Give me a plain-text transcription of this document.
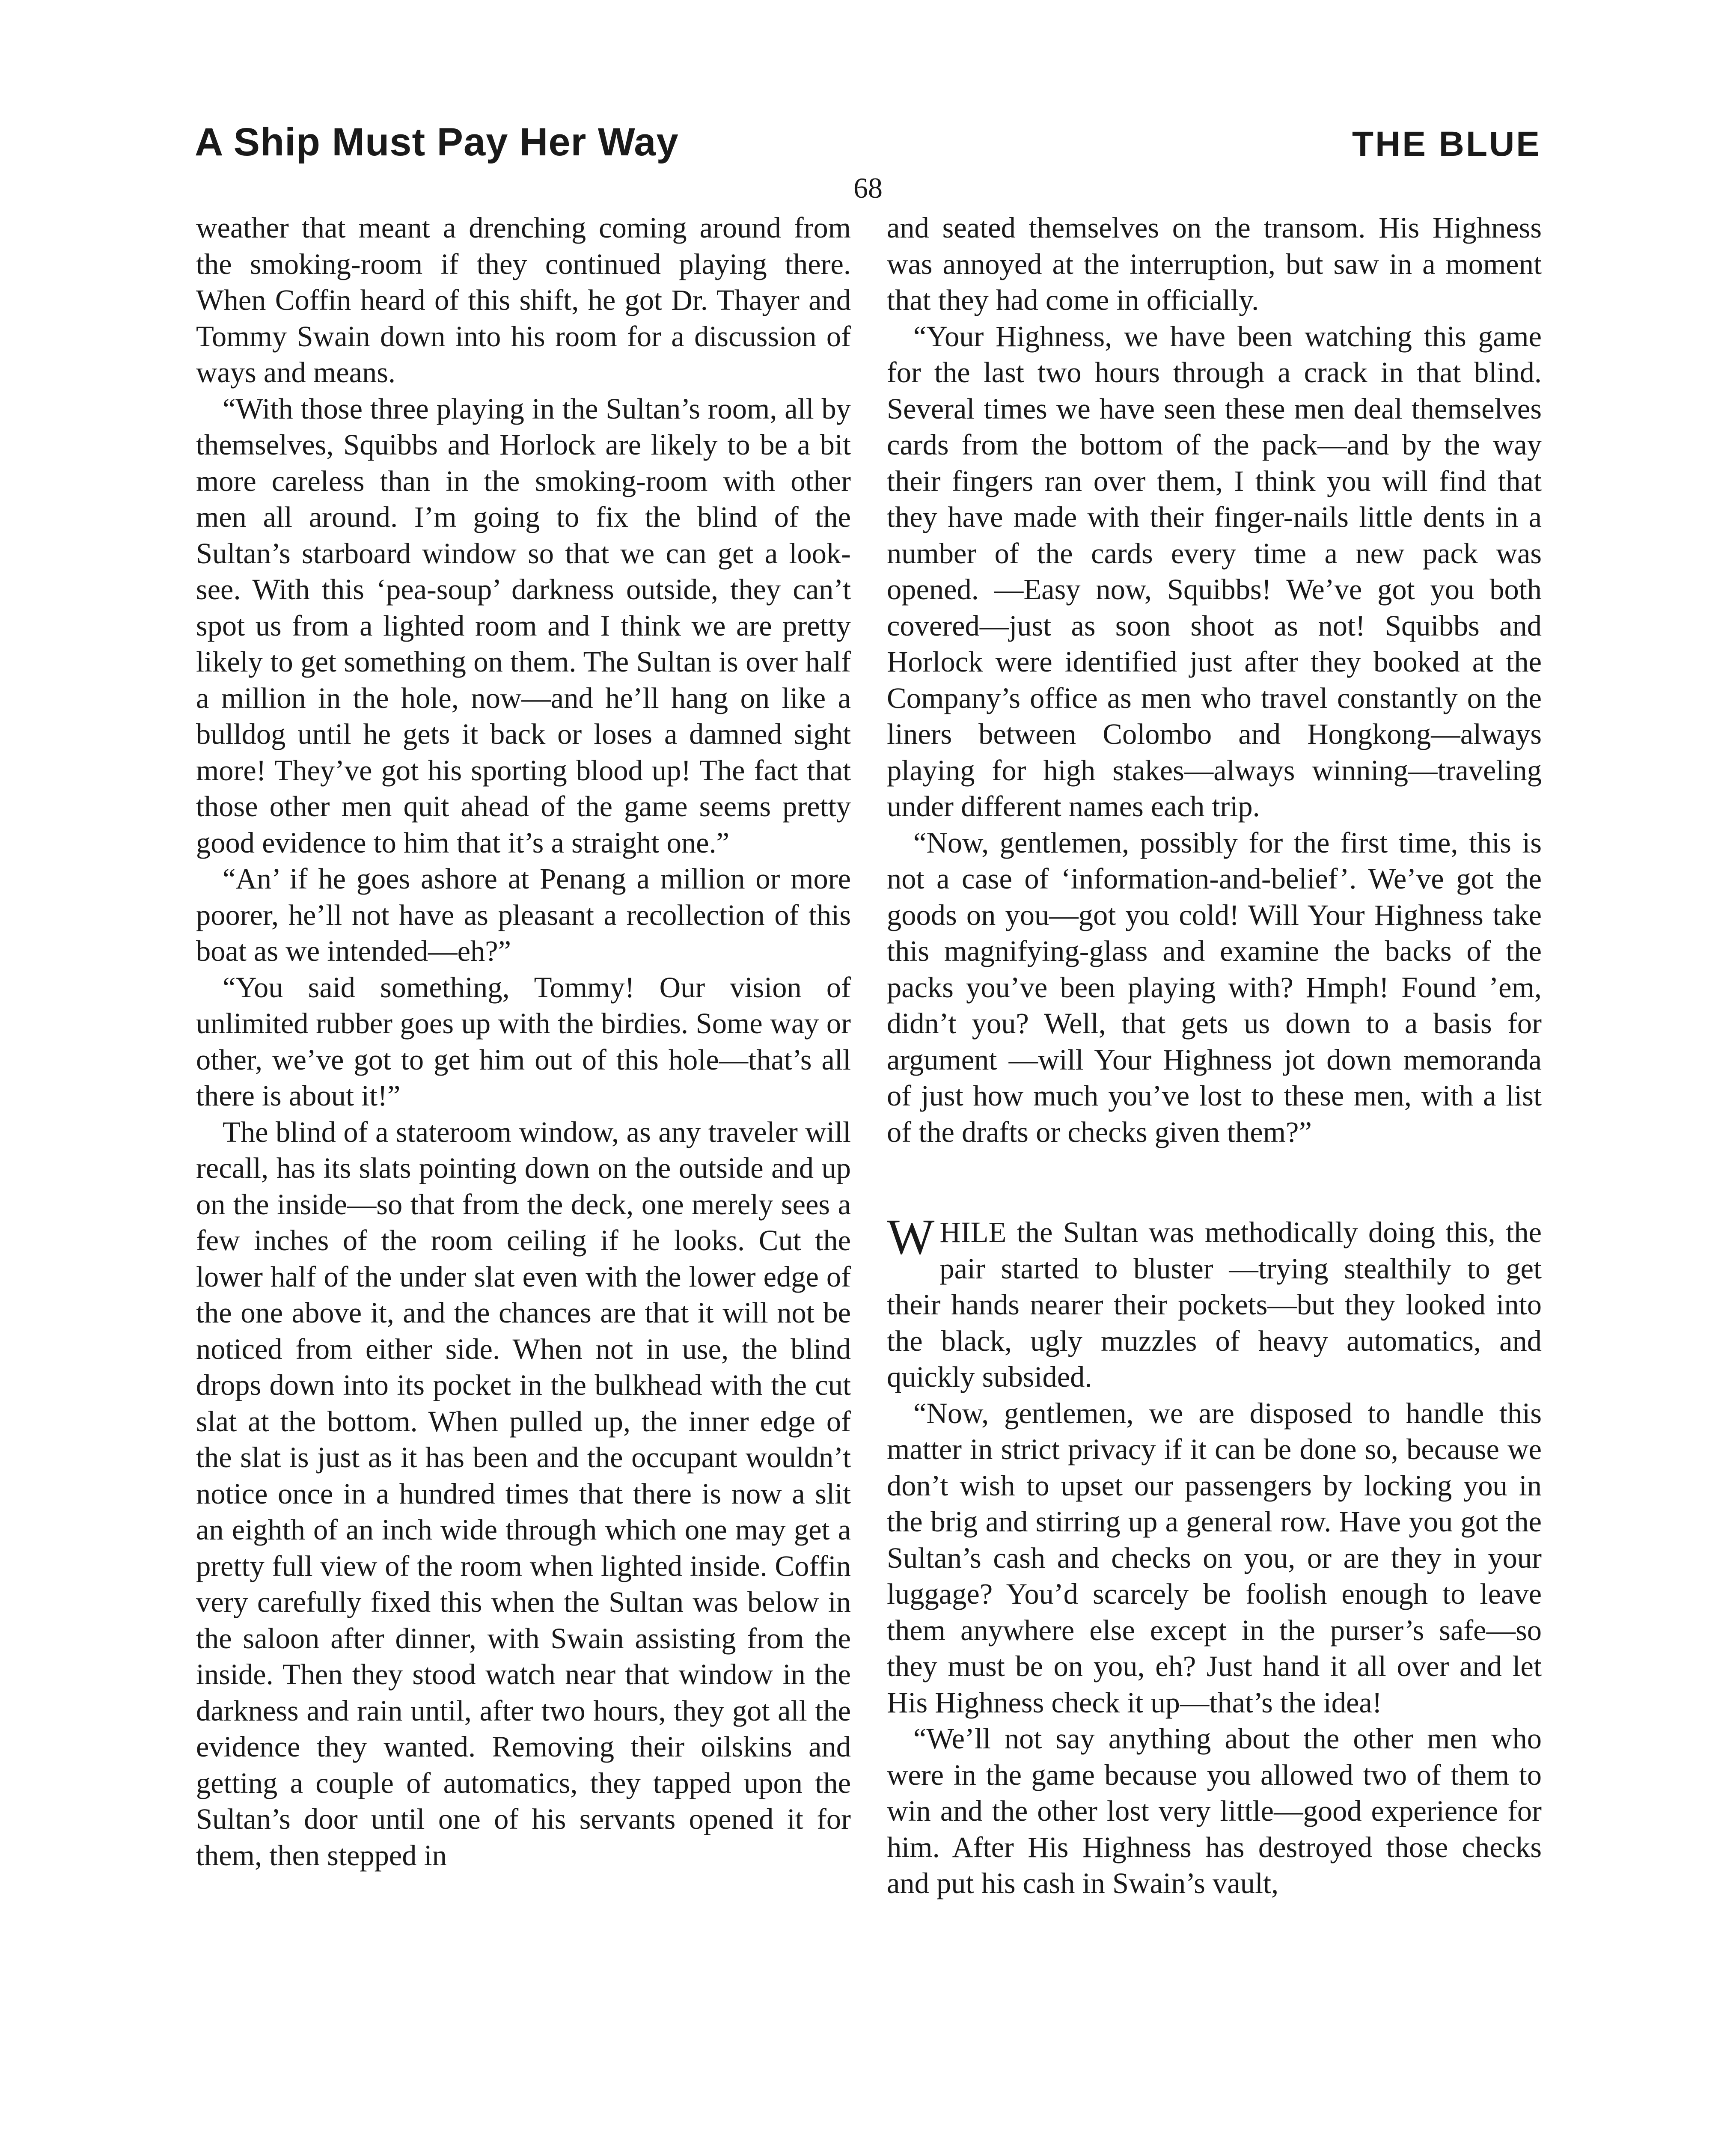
A Ship Must Pay Her Way	THE BLUE
68

weather that meant a drenching coming around from the smoking-room if they continued playing there. When Coffin heard of this shift, he got Dr. Thayer and Tommy Swain down into his room for a discussion of ways and means.

“With those three playing in the Sultan’s room, all by themselves, Squibbs and Horlock are likely to be a bit more careless than in the smoking-room with other men all around. I’m going to fix the blind of the Sultan’s starboard window so that we can get a look-see. With this ‘pea-soup’ darkness outside, they can’t spot us from a lighted room and I think we are pretty likely to get something on them. The Sultan is over half a million in the hole, now—and he’ll hang on like a bulldog until he gets it back or loses a damned sight more! They’ve got his sporting blood up! The fact that those other men quit ahead of the game seems pretty good evidence to him that it’s a straight one.”

“An’ if he goes ashore at Penang a million or more poorer, he’ll not have as pleasant a recollection of this boat as we intended—eh?”

“You said something, Tommy! Our vision of unlimited rubber goes up with the birdies. Some way or other, we’ve got to get him out of this hole—that’s all there is about it!”

The blind of a stateroom window, as any traveler will recall, has its slats pointing down on the outside and up on the inside—so that from the deck, one merely sees a few inches of the room ceiling if he looks. Cut the lower half of the under slat even with the lower edge of the one above it, and the chances are that it will not be noticed from either side. When not in use, the blind drops down into its pocket in the bulkhead with the cut slat at the bottom. When pulled up, the inner edge of the slat is just as it has been and the occupant wouldn’t notice once in a hundred times that there is now a slit an eighth of an inch wide through which one may get a pretty full view of the room when lighted inside. Coffin very carefully fixed this when the Sultan was below in the saloon after dinner, with Swain assisting from the inside. Then they stood watch near that window in the darkness and rain until, after two hours, they got all the evidence they wanted. Removing their oilskins and getting a couple of automatics, they tapped upon the Sultan’s door until one of his servants opened it for them, then stepped in

and seated themselves on the transom. His Highness was annoyed at the interruption, but saw in a moment that they had come in officially.

“Your Highness, we have been watching this game for the last two hours through a crack in that blind. Several times we have seen these men deal themselves cards from the bottom of the pack—and by the way their fingers ran over them, I think you will find that they have made with their finger-nails little dents in a number of the cards every time a new pack was opened. —Easy now, Squibbs! We’ve got you both covered—just as soon shoot as not! Squibbs and Horlock were identified just after they booked at the Company’s office as men who travel constantly on the liners between Colombo and Hongkong—always playing for high stakes—always winning—traveling under different names each trip.

“Now, gentlemen, possibly for the first time, this is not a case of ‘information-and-belief’. We’ve got the goods on you—got you cold! Will Your Highness take this magnifying-glass and examine the backs of the packs you’ve been playing with? Hmph! Found ’em, didn’t you? Well, that gets us down to a basis for argument —will Your Highness jot down memoranda of just how much you’ve lost to these men, with a list of the drafts or checks given them?”

WHILE the Sultan was methodically doing this, the pair started to bluster —trying stealthily to get their hands nearer their pockets—but they looked into the black, ugly muzzles of heavy automatics, and quickly subsided.

“Now, gentlemen, we are disposed to handle this matter in strict privacy if it can be done so, because we don’t wish to upset our passengers by locking you in the brig and stirring up a general row. Have you got the Sultan’s cash and checks on you, or are they in your luggage? You’d scarcely be foolish enough to leave them anywhere else except in the purser’s safe—so they must be on you, eh? Just hand it all over and let His Highness check it up—that’s the idea!

“We’ll not say anything about the other men who were in the game because you allowed two of them to win and the other lost very little—good experience for him. After His Highness has destroyed those checks and put his cash in Swain’s vault,
